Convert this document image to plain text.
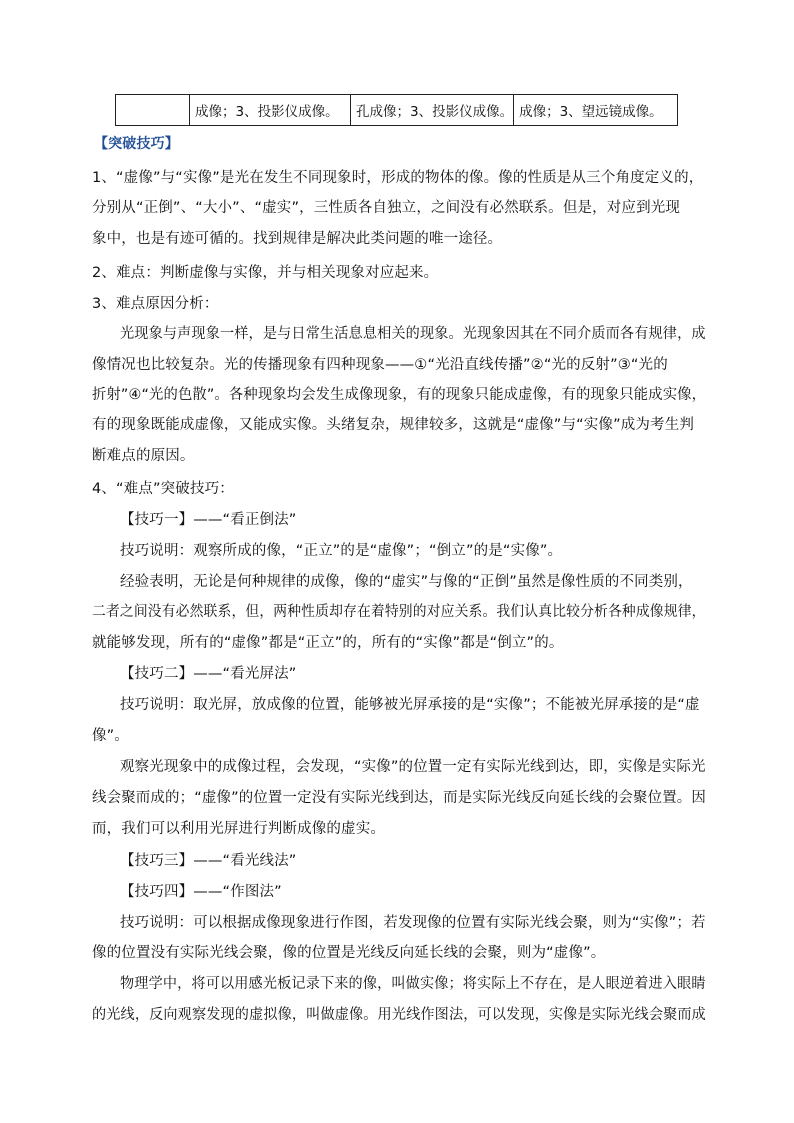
	成像；3、投影仪成像。	孔成像；3、投影仪成像。	成像；3、望远镜成像。
【突破技巧】
1、“虚像”与“实像”是光在发生不同现象时，形成的物体的像。像的性质是从三个角度定义的，
分别从“正倒”、“大小”、“虚实”，三性质各自独立，之间没有必然联系。但是，对应到光现
象中，也是有迹可循的。找到规律是解决此类问题的唯一途径。
2、难点：判断虚像与实像，并与相关现象对应起来。
3、难点原因分析：
光现象与声现象一样，是与日常生活息息相关的现象。光现象因其在不同介质而各有规律，成
像情况也比较复杂。光的传播现象有四种现象——①“光沿直线传播”②“光的反射”③“光的
折射”④“光的色散”。各种现象均会发生成像现象，有的现象只能成虚像，有的现象只能成实像，
有的现象既能成虚像，又能成实像。头绪复杂，规律较多，这就是“虚像”与“实像”成为考生判
断难点的原因。
4、“难点”突破技巧：
【技巧一】——“看正倒法”
技巧说明：观察所成的像，“正立”的是“虚像”；“倒立”的是“实像”。
经验表明，无论是何种规律的成像，像的“虚实”与像的“正倒”虽然是像性质的不同类别，
二者之间没有必然联系，但，两种性质却存在着特别的对应关系。我们认真比较分析各种成像规律，
就能够发现，所有的“虚像”都是“正立”的，所有的“实像”都是“倒立”的。
【技巧二】——“看光屏法”
技巧说明：取光屏，放成像的位置，能够被光屏承接的是“实像”；不能被光屏承接的是“虚
像”。
观察光现象中的成像过程，会发现，“实像”的位置一定有实际光线到达，即，实像是实际光
线会聚而成的；“虚像”的位置一定没有实际光线到达，而是实际光线反向延长线的会聚位置。因
而，我们可以利用光屏进行判断成像的虚实。
【技巧三】——“看光线法”
【技巧四】——“作图法”
技巧说明：可以根据成像现象进行作图，若发现像的位置有实际光线会聚，则为“实像”；若
像的位置没有实际光线会聚，像的位置是光线反向延长线的会聚，则为“虚像”。
物理学中，将可以用感光板记录下来的像，叫做实像；将实际上不存在，是人眼逆着进入眼睛
的光线，反向观察发现的虚拟像，叫做虚像。用光线作图法，可以发现，实像是实际光线会聚而成
